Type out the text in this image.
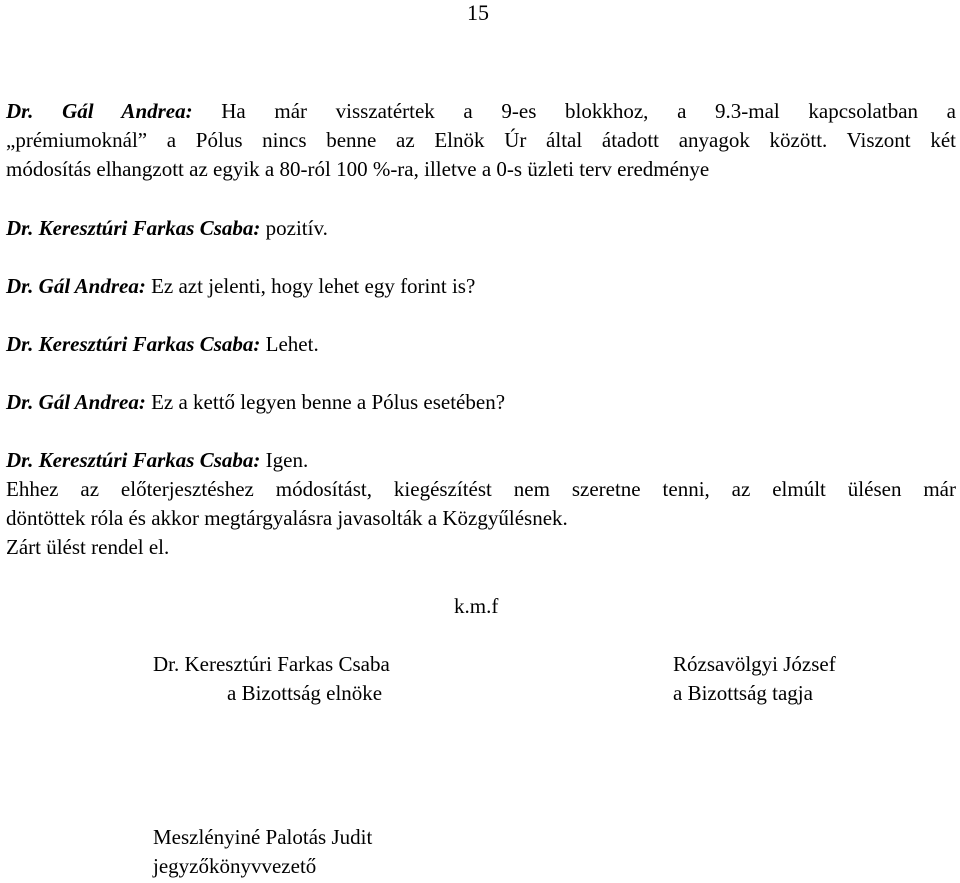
15
Dr. Gál Andrea: Ha már visszatértek a 9-es blokkhoz, a 9.3-mal kapcsolatban a
„prémiumoknál” a Pólus nincs benne az Elnök Úr által átadott anyagok között. Viszont két
módosítás elhangzott az egyik a 80-ról 100 %-ra, illetve a 0-s üzleti terv eredménye
Dr. Keresztúri Farkas Csaba: pozitív.
Dr. Gál Andrea: Ez azt jelenti, hogy lehet egy forint is?
Dr. Keresztúri Farkas Csaba: Lehet.
Dr. Gál Andrea: Ez a kettő legyen benne a Pólus esetében?
Dr. Keresztúri Farkas Csaba: Igen.
Ehhez az előterjesztéshez módosítást, kiegészítést nem szeretne tenni, az elmúlt ülésen már
döntöttek róla és akkor megtárgyalásra javasolták a Közgyűlésnek.
Zárt ülést rendel el.
k.m.f
Dr. Keresztúri Farkas Csaba
a Bizottság elnöke
Rózsavölgyi József
a Bizottság tagja
Meszlényiné Palotás Judit
jegyzőkönyvvezető
